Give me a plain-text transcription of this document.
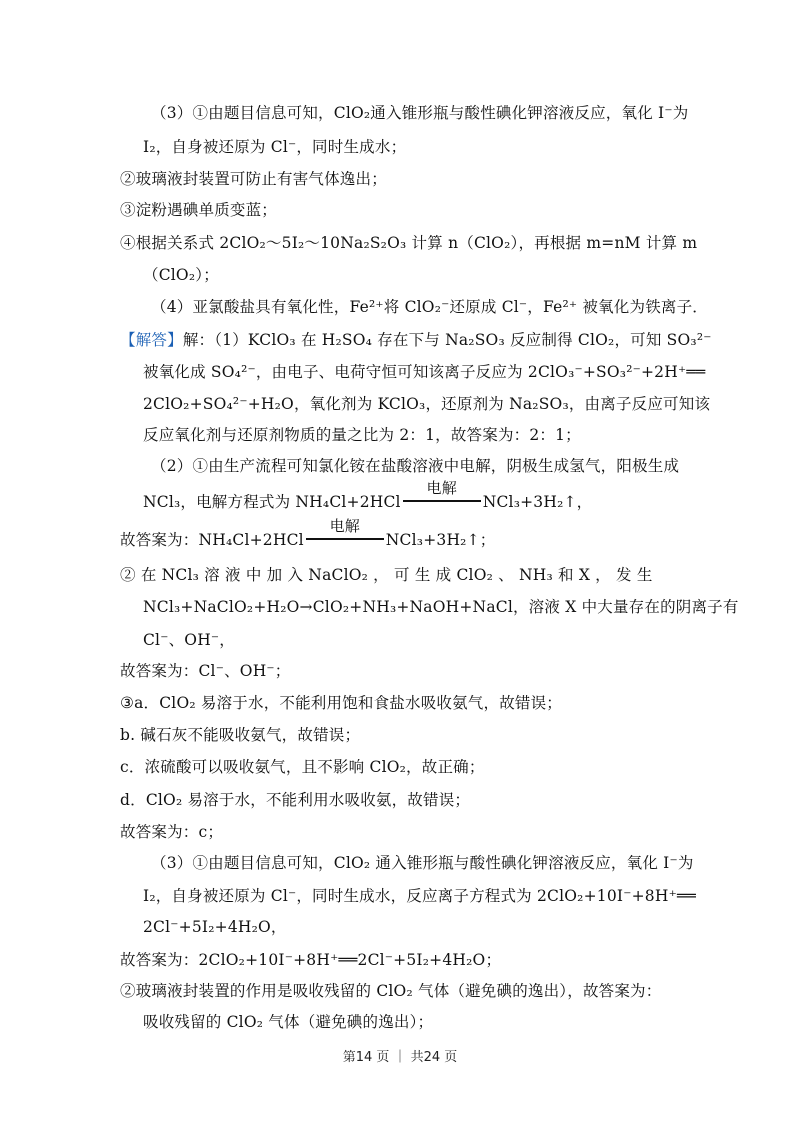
（3）①由题目信息可知，ClO₂通入锥形瓶与酸性碘化钾溶液反应，氧化 I⁻为
I₂，自身被还原为 Cl⁻，同时生成水；
②玻璃液封装置可防止有害气体逸出；
③淀粉遇碘单质变蓝；
④根据关系式 2ClO₂～5I₂～10Na₂S₂O₃ 计算 n（ClO₂），再根据 m=nM 计算 m
（ClO₂）；
（4）亚氯酸盐具有氧化性，Fe²⁺将 ClO₂⁻还原成 Cl⁻，Fe²⁺ 被氧化为铁离子．
【解答】解：（1）KClO₃ 在 H₂SO₄ 存在下与 Na₂SO₃ 反应制得 ClO₂，可知 SO₃²⁻
被氧化成 SO₄²⁻，由电子、电荷守恒可知该离子反应为 2ClO₃⁻+SO₃²⁻+2H⁺══
2ClO₂+SO₄²⁻+H₂O，氧化剂为 KClO₃，还原剂为 Na₂SO₃，由离子反应可知该
反应氧化剂与还原剂物质的量之比为 2：1，故答案为：2：1；
（2）①由生产流程可知氯化铵在盐酸溶液中电解，阴极生成氢气，阳极生成
NCl₃，电解方程式为 NH₄Cl+2HCl
电解
NCl₃+3H₂↑，
故答案为：NH₄Cl+2HCl
电解
NCl₃+3H₂↑；
② 在 NCl₃ 溶 液 中 加 入 NaClO₂ ， 可 生 成 ClO₂ 、 NH₃ 和 X ， 发 生
NCl₃+NaClO₂+H₂O→ClO₂+NH₃+NaOH+NaCl，溶液 X 中大量存在的阴离子有
Cl⁻、OH⁻，
故答案为：Cl⁻、OH⁻；
③a．ClO₂ 易溶于水，不能利用饱和食盐水吸收氨气，故错误；
b. 碱石灰不能吸收氨气，故错误；
c．浓硫酸可以吸收氨气，且不影响 ClO₂，故正确；
d．ClO₂ 易溶于水，不能利用水吸收氨，故错误；
故答案为：c；
（3）①由题目信息可知，ClO₂ 通入锥形瓶与酸性碘化钾溶液反应，氧化 I⁻为
I₂，自身被还原为 Cl⁻，同时生成水，反应离子方程式为 2ClO₂+10I⁻+8H⁺══
2Cl⁻+5I₂+4H₂O，
故答案为：2ClO₂+10I⁻+8H⁺══2Cl⁻+5I₂+4H₂O；
②玻璃液封装置的作用是吸收残留的 ClO₂ 气体（避免碘的逸出），故答案为：
吸收残留的 ClO₂ 气体（避免碘的逸出）；
第14 页 ｜ 共24 页
